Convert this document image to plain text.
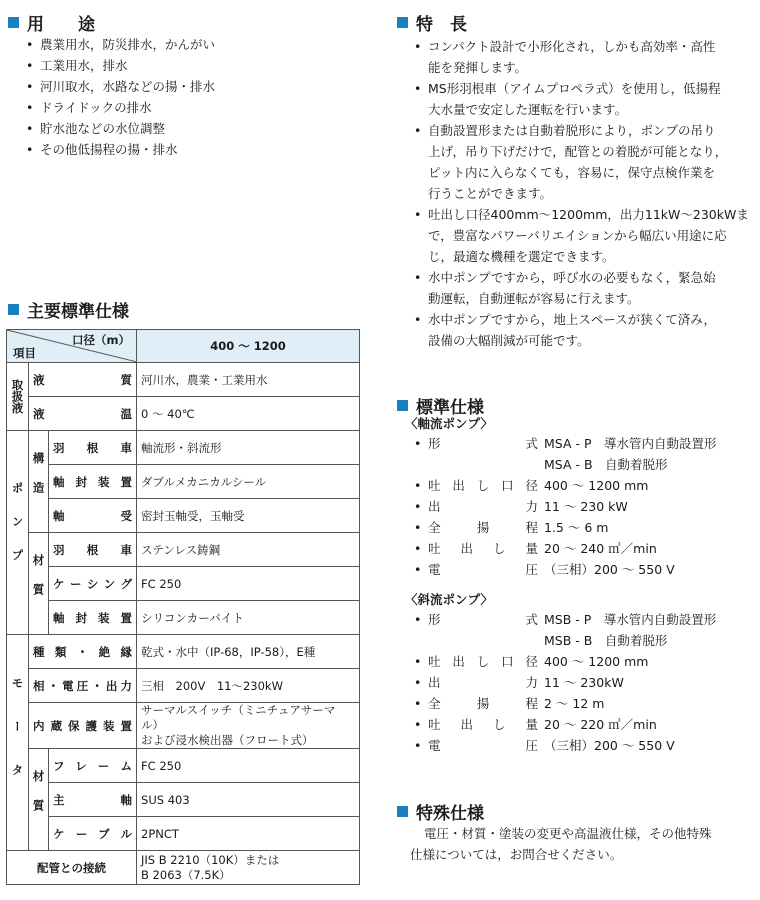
用　　途
• 農業用水，防災排水，かんがい
• 工業用水，排水
• 河川取水，水路などの揚・排水
• ドライドックの排水
• 貯水池などの水位調整
• その他低揚程の揚・排水
特　長
• コンパクト設計で小形化され，しかも高効率・高性
能を発揮します。
• MS形羽根車（アイムプロペラ式）を使用し，低揚程
大水量で安定した運転を行います。
• 自動設置形または自動着脱形により，ポンプの吊り
上げ，吊り下げだけで，配管との着脱が可能となり，
ピット内に入らなくても，容易に，保守点検作業を
行うことができます。
• 吐出し口径400mm～1200mm，出力11kW～230kWま
で，豊富なパワーバリエイションから幅広い用途に応
じ，最適な機種を選定できます。
• 水中ポンプですから，呼び水の必要もなく，緊急始
動運転，自動運転が容易に行えます。
• 水中ポンプですから，地上スペースが狭くて済み，
設備の大幅削減が可能です。
主要標準仕様
口径（m）
項目			400 ～ 1200
取扱液	液質		河川水，農業・工業用水
	液温		0 ～ 40℃
ポンプ	構造	羽根車	軸流形・斜流形
		軸封装置	ダブルメカニカルシール
		軸受	密封玉軸受，玉軸受
	材質	羽根車	ステンレス鋳鋼
		ケーシング	FC 250
		軸封装置	シリコンカーバイト
モータ	種類・絶縁		乾式・水中（IP-68，IP-58），E種
	相・電圧・出力		三相　200V　11～230kW
	内蔵保護装置		サーマルスイッチ（ミニチュアサーマル）
および浸水検出器（フロート式）
	材質	フレーム	FC 250
		主軸	SUS 403
		ケーブル	2PNCT
配管との接続			JIS B 2210（10K）または
B 2063（7.5K）
標準仕様
〈軸流ポンプ〉
• 形	式 MSA - P　導水管内自動設置形
MSA - B　自動着脱形
• 吐 出 し 口 径 400 ～ 1200 mm
• 出	力 11 ～ 230 kW
• 全	揚	程 1.5 ～ 6 m
• 吐 出 し 量 20 ～ 240 ㎥／min
• 電	圧 （三相）200 ～ 550 V
〈斜流ポンプ〉
• 形	式 MSB - P　導水管内自動設置形
MSB - B　自動着脱形
• 吐 出 し 口 径 400 ～ 1200 mm
• 出	力 11 ～ 230kW
• 全	揚	程 2 ～ 12 m
• 吐 出 し 量 20 ～ 220 ㎥／min
• 電	圧 （三相）200 ～ 550 V
特殊仕様
電圧・材質・塗装の変更や高温液仕様，その他特殊
仕様については，お問合せください。
